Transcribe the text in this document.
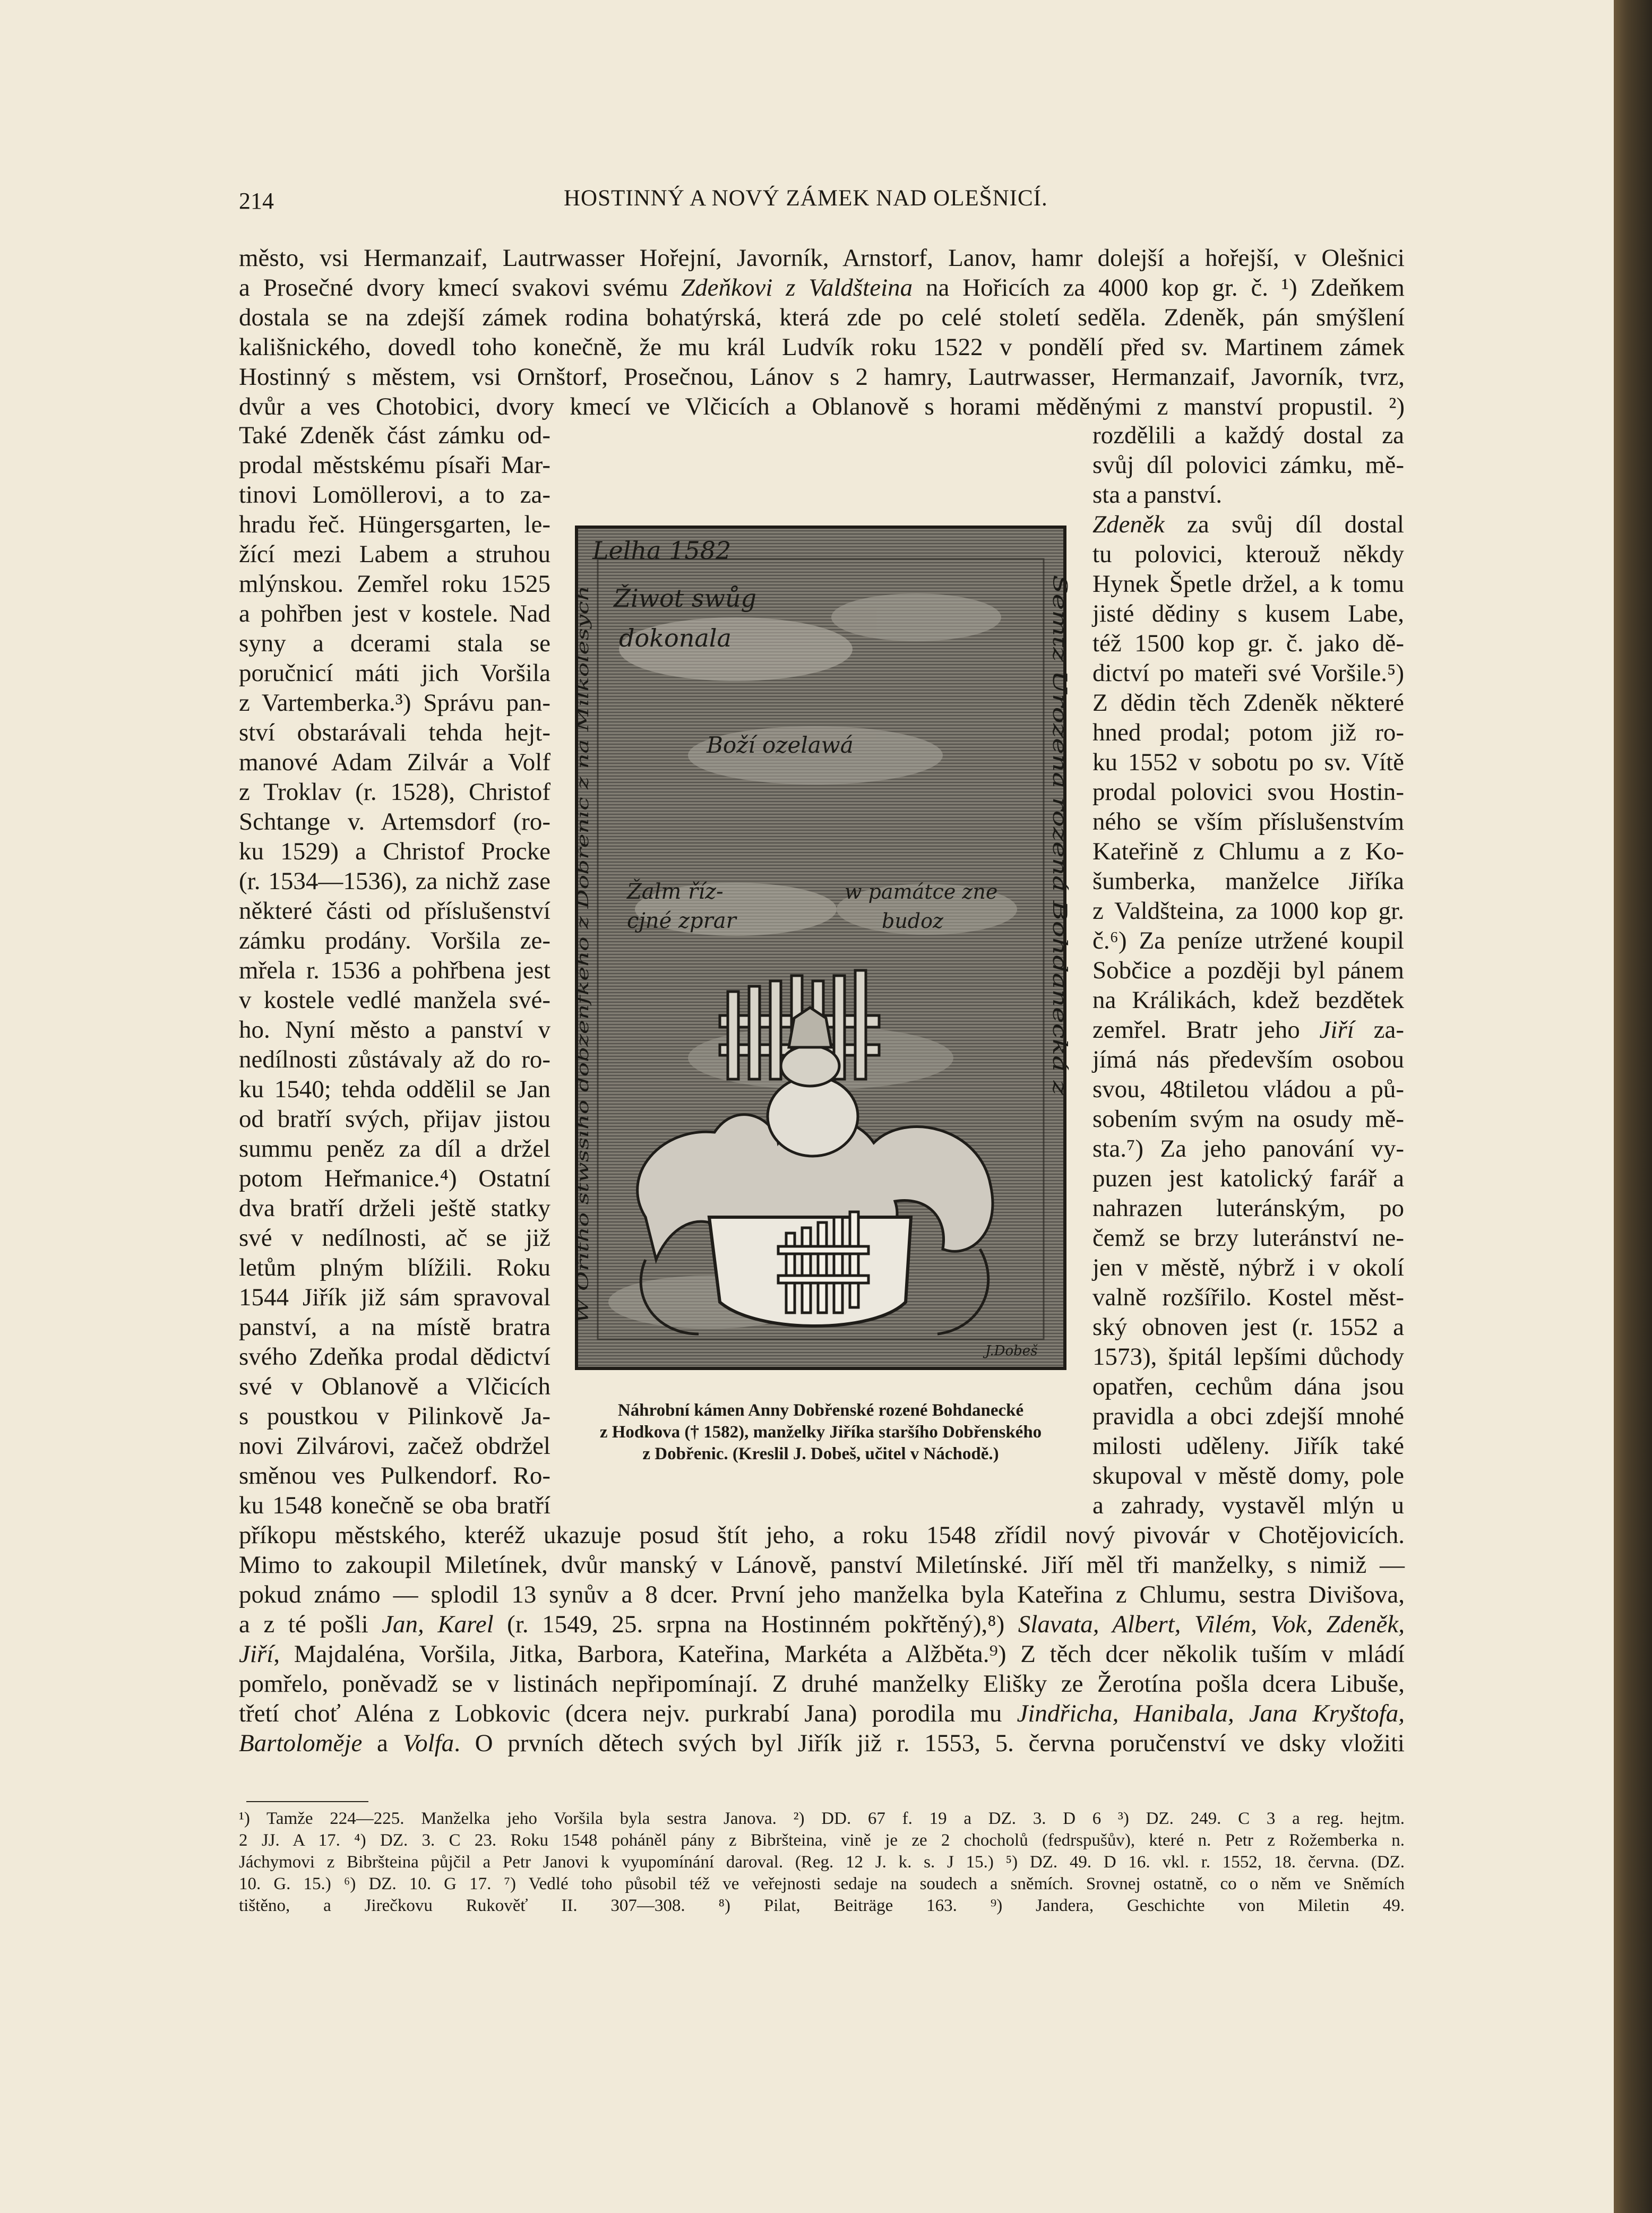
214	HOSTINNÝ A NOVÝ ZÁMEK NAD OLEŠNICÍ.
město, vsi Hermanzaif, Lautrwasser Hořejní, Javorník, Arnstorf, Lanov, hamr dolejší a hořejší, v Olešnici
a Prosečné dvory kmecí svakovi svému Zdeňkovi z Valdšteina na Hořicích za 4000 kop gr. č. ¹) Zdeňkem
dostala se na zdejší zámek rodina bohatýrská, která zde po celé století seděla. Zdeněk, pán smýšlení
kališnického, dovedl toho konečně, že mu král Ludvík roku 1522 v pondělí před sv. Martinem zámek
Hostinný s městem, vsi Ornštorf, Prosečnou, Lánov s 2 hamry, Lautrwasser, Hermanzaif, Javorník, tvrz,
dvůr a ves Chotobici, dvory kmecí ve Vlčicích a Oblanově s horami měděnými z manství propustil. ²)
Také Zdeněk část zámku od-
prodal městskému písaři Mar-
tinovi Lomöllerovi, a to za-
hradu řeč. Hüngersgarten, le-
žící mezi Labem a struhou
mlýnskou. Zemřel roku 1525
a pohřben jest v kostele. Nad
syny a dcerami stala se
poručnicí máti jich Voršila
z Vartemberka.³) Správu pan-
ství obstarávali tehda hejt-
manové Adam Zilvár a Volf
z Troklav (r. 1528), Christof
Schtange v. Artemsdorf (ro-
ku 1529) a Christof Procke
(r. 1534—1536), za nichž zase
některé části od příslušenství
zámku prodány. Voršila ze-
mřela r. 1536 a pohřbena jest
v kostele vedlé manžela své-
ho. Nyní město a panství v
nedílnosti zůstávaly až do ro-
ku 1540; tehda oddělil se Jan
od bratří svých, přijav jistou
summu peněz za díl a držel
potom Heřmanice.⁴) Ostatní
dva bratří drželi ještě statky
své v nedílnosti, ač se již
letům plným blížili. Roku
1544 Jiřík již sám spravoval
panství, a na místě bratra
svého Zdeňka prodal dědictví
své v Oblanově a Vlčicích
s poustkou v Pilinkově Ja-
novi Zilvárovi, začež obdržel
směnou ves Pulkendorf. Ro-
ku 1548 konečně se oba bratří
rozdělili a každý dostal za
svůj díl polovici zámku, mě-
sta a panství.
Zdeněk za svůj díl dostal
tu polovici, kterouž někdy
Hynek Špetle držel, a k tomu
jisté dědiny s kusem Labe,
též 1500 kop gr. č. jako dě-
dictví po mateři své Voršile.⁵)
Z dědin těch Zdeněk některé
hned prodal; potom již ro-
ku 1552 v sobotu po sv. Vítě
prodal polovici svou Hostin-
ného se vším příslušenstvím
Kateřině z Chlumu a z Ko-
šumberka, manželce Jiříka
z Valdšteina, za 1000 kop gr.
č.⁶) Za peníze utržené koupil
Sobčice a později byl pánem
na Králikách, kdež bezdětek
zemřel. Bratr jeho Jiří za-
jímá nás především osobou
svou, 48tiletou vládou a pů-
sobením svým na osudy mě-
sta.⁷) Za jeho panování vy-
puzen jest katolický farář a
nahrazen luteránským, po
čemž se brzy luteránství ne-
jen v městě, nýbrž i v okolí
valně rozšířilo. Kostel měst-
ský obnoven jest (r. 1552 a
1573), špitál lepšími důchody
opatřen, cechům dána jsou
pravidla a obci zdejší mnohé
milosti uděleny. Jiřík také
skupoval v městě domy, pole
a zahrady, vystavěl mlýn u
příkopu městského, kteréž ukazuje posud štít jeho, a roku 1548 zřídil nový pivovár v Chotějovicích.
Mimo to zakoupil Miletínek, dvůr manský v Lánově, panství Miletínské. Jiří měl tři manželky, s nimiž —
pokud známo — splodil 13 synův a 8 dcer. První jeho manželka byla Kateřina z Chlumu, sestra Divišova,
a z té pošli Jan, Karel (r. 1549, 25. srpna na Hostinném pokřtěný),⁸) Slavata, Albert, Vilém, Vok, Zdeněk,
Jiří, Majdaléna, Voršila, Jitka, Barbora, Kateřina, Markéta a Alžběta.⁹) Z těch dcer několik tuším v mládí
pomřelo, poněvadž se v listinách nepřipomínají. Z druhé manželky Elišky ze Žerotína pošla dcera Libuše,
třetí choť Aléna z Lobkovic (dcera nejv. purkrabí Jana) porodila mu Jindřicha, Hanibala, Jana Kryštofa,
Bartoloměje a Volfa. O prvních dětech svých byl Jiřík již r. 1553, 5. června poručenství ve dsky vložiti
Lelha 1582
Žiwot swůg
dokonala
Boží ozelawá
Žalm říz-
cjné zprar
w památce zne
budoz
W Ořitho stwssiho dobzenfkého z Dobřenic z na Mílkolesych
Semtz Urozena rozená Bohdanecká z
J.Dobeš
Náhrobní kámen Anny Dobřenské rozené Bohdanecké
z Hodkova († 1582), manželky Jiříka staršího Dobřenského
z Dobřenic. (Kreslil J. Dobeš, učitel v Náchodě.)
¹) Tamže 224—225. Manželka jeho Voršila byla sestra Janova. ²) DD. 67 f. 19 a DZ. 3. D 6 ³) DZ. 249. C 3 a reg. hejtm.
2 JJ. A 17. ⁴) DZ. 3. C 23. Roku 1548 poháněl pány z Bibršteina, vině je ze 2 chocholů (fedrspušův), které n. Petr z Rožemberka n.
Jáchymovi z Bibršteina půjčil a Petr Janovi k vyupomínání daroval. (Reg. 12 J. k. s. J 15.) ⁵) DZ. 49. D 16. vkl. r. 1552, 18. června. (DZ.
10. G. 15.) ⁶) DZ. 10. G 17. ⁷) Vedlé toho působil též ve veřejnosti sedaje na soudech a sněmích. Srovnej ostatně, co o něm ve Sněmích
tištěno, a Jirečkovu Rukověť II. 307—308. ⁸) Pilat, Beiträge 163. ⁹) Jandera, Geschichte von Miletin 49.
